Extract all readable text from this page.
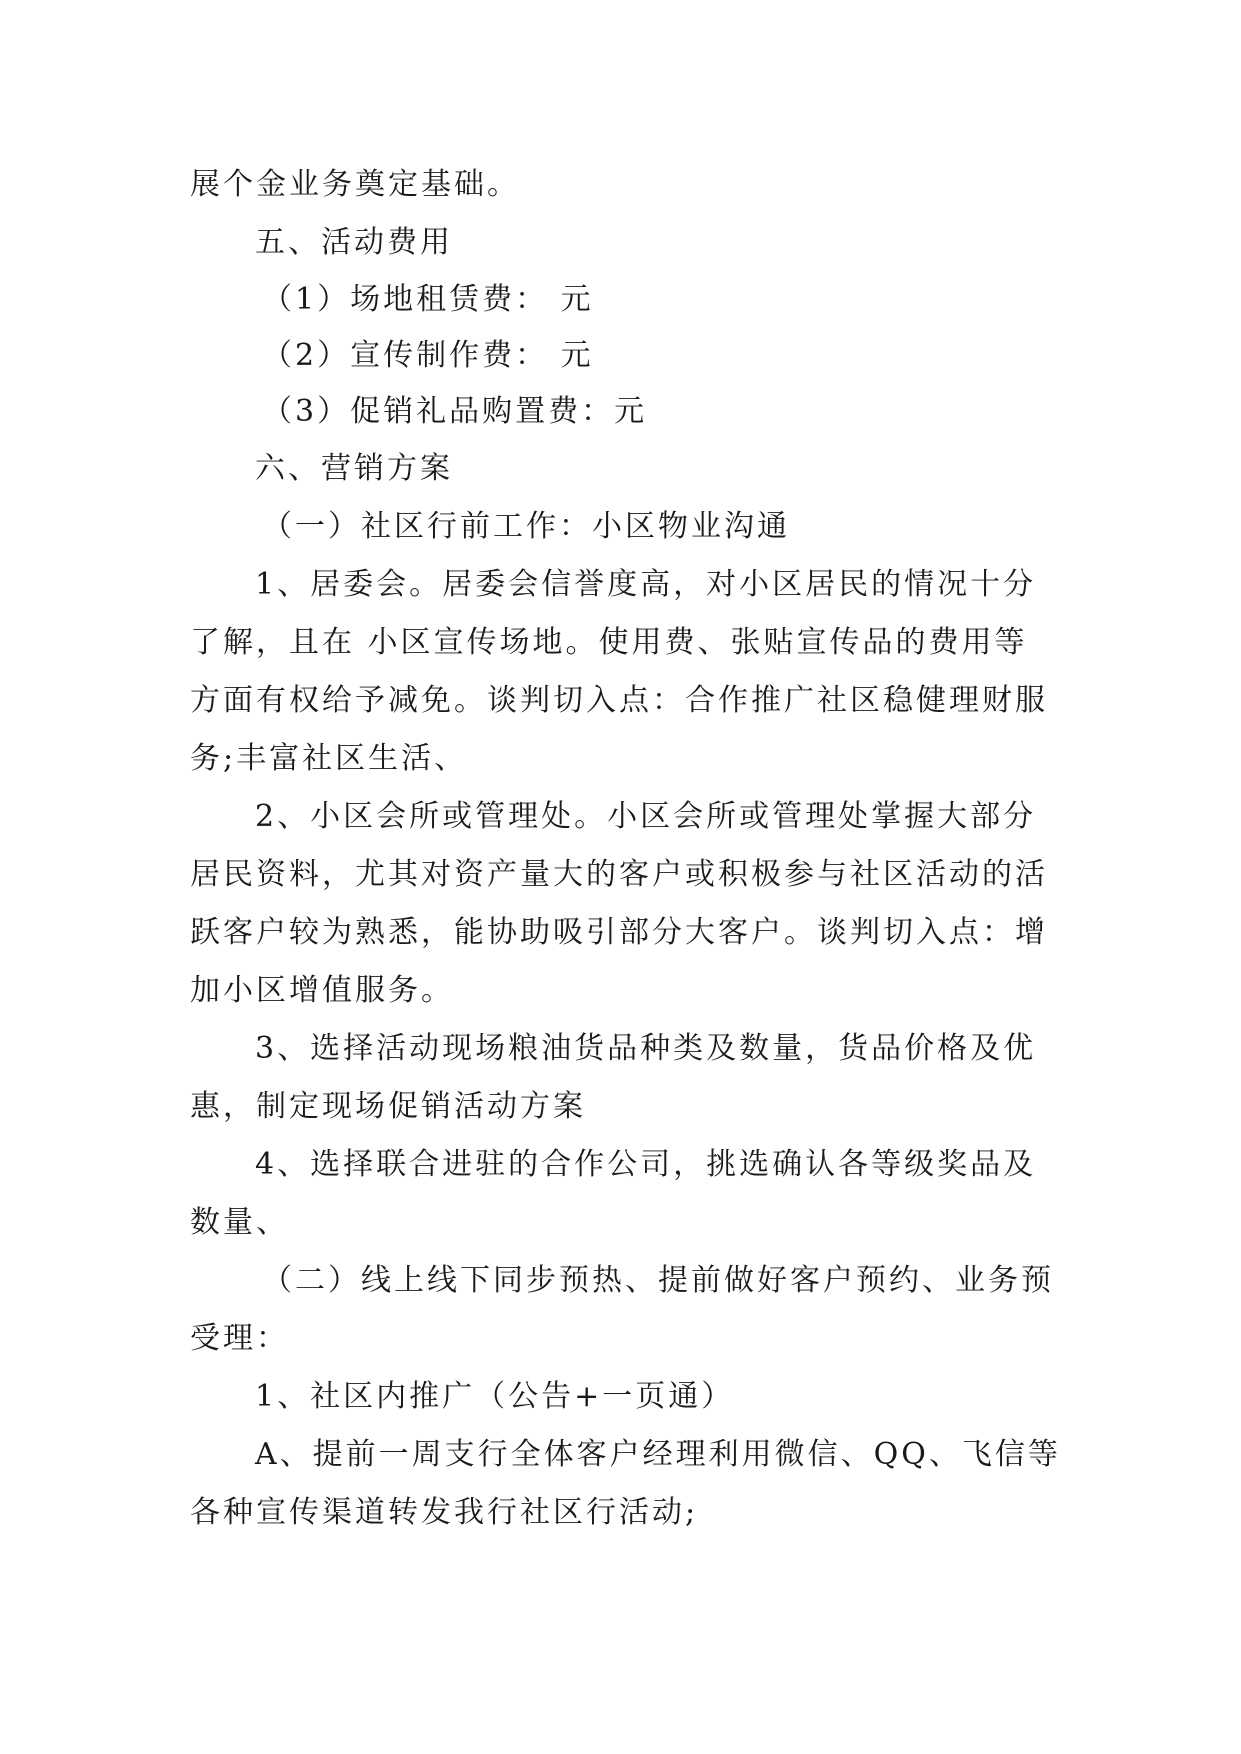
展个金业务奠定基础。
五、活动费用
（1）场地租赁费： 元
（2）宣传制作费： 元
（3）促销礼品购置费：元
六、营销方案
（一）社区行前工作：小区物业沟通
1、居委会。居委会信誉度高，对小区居民的情况十分
了解，且在 小区宣传场地。使用费、张贴宣传品的费用等
方面有权给予减免。谈判切入点：合作推广社区稳健理财服
务;丰富社区生活、
2、小区会所或管理处。小区会所或管理处掌握大部分
居民资料，尤其对资产量大的客户或积极参与社区活动的活
跃客户较为熟悉，能协助吸引部分大客户。谈判切入点：增
加小区增值服务。
3、选择活动现场粮油货品种类及数量，货品价格及优
惠，制定现场促销活动方案
4、选择联合进驻的合作公司，挑选确认各等级奖品及
数量、
（二）线上线下同步预热、提前做好客户预约、业务预
受理：
1、社区内推广（公告+一页通）
A、提前一周支行全体客户经理利用微信、QQ、飞信等
各种宣传渠道转发我行社区行活动;
